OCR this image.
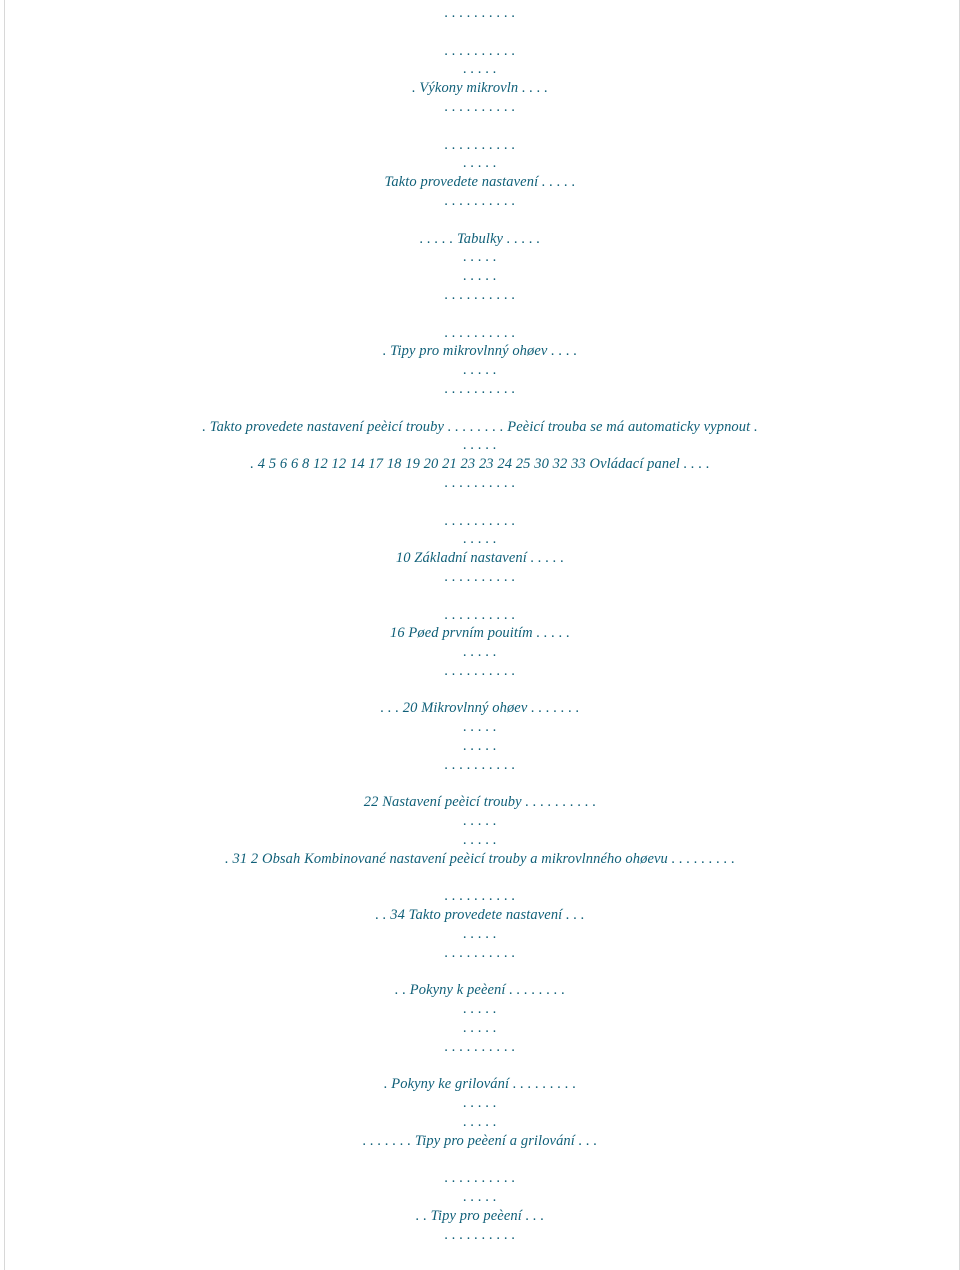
. . . . . . . . . .
. . . . . . . . . .
. . . . .
. Výkony mikrovln . . . .
. . . . . . . . . .
. . . . . . . . . .
. . . . .
Takto provedete nastavení . . . . .
. . . . . . . . . .
. . . . . Tabulky . . . . .
. . . . .
. . . . .
. . . . . . . . . .
. . . . . . . . . .
. Tipy pro mikrovlnný ohøev . . . .
. . . . .
. . . . . . . . . .
. Takto provedete nastavení peèicí trouby . . . . . . . . Peèicí trouba se má automaticky vypnout .
. . . . .
. 4 5 6 6 8 12 12 14 17 18 19 20 21 23 23 24 25 30 32 33 Ovládací panel . . . .
. . . . . . . . . .
. . . . . . . . . .
. . . . .
10 Základní nastavení . . . . .
. . . . . . . . . .
. . . . . . . . . .
16 Pøed prvním pouitím . . . . .
. . . . .
. . . . . . . . . .
. . . 20 Mikrovlnný ohøev . . . . . . .
. . . . .
. . . . .
. . . . . . . . . .
22 Nastavení peèicí trouby . . . . . . . . . .
. . . . .
. . . . .
. 31 2 Obsah Kombinované nastavení peèicí trouby a mikrovlnného ohøevu . . . . . . . . .
. . . . . . . . . .
. . 34 Takto provedete nastavení . . .
. . . . .
. . . . . . . . . .
. . Pokyny k peèení . . . . . . . .
. . . . .
. . . . .
. . . . . . . . . .
. Pokyny ke grilování . . . . . . . . .
. . . . .
. . . . .
. . . . . . . Tipy pro peèení a grilování . . .
. . . . . . . . . .
. . . . .
. . Tipy pro peèení . . .
. . . . . . . . . .
